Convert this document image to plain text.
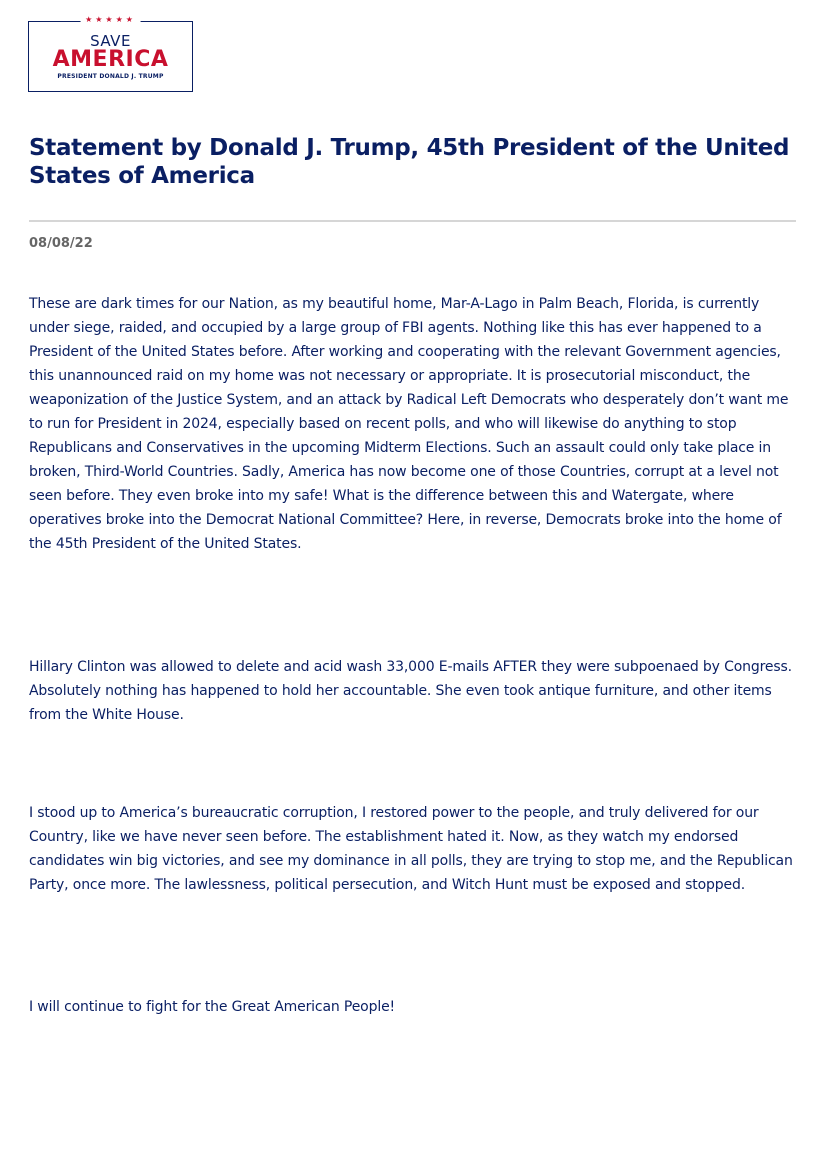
★★★★★
SAVE
AMERICA
PRESIDENT DONALD J. TRUMP
Statement by Donald J. Trump, 45th President of the United States of America
08/08/22

These are dark times for our Nation, as my beautiful home, Mar-A-Lago in Palm Beach, Florida, is currently under siege, raided, and occupied by a large group of FBI agents. Nothing like this has ever happened to a President of the United States before. After working and cooperating with the relevant Government agencies, this unannounced raid on my home was not necessary or appropriate. It is prosecutorial misconduct, the weaponization of the Justice System, and an attack by Radical Left Democrats who desperately don’t want me to run for President in 2024, especially based on recent polls, and who will likewise do anything to stop Republicans and Conservatives in the upcoming Midterm Elections. Such an assault could only take place in broken, Third-World Countries. Sadly, America has now become one of those Countries, corrupt at a level not seen before. They even broke into my safe! What is the difference between this and Watergate, where operatives broke into the Democrat National Committee? Here, in reverse, Democrats broke into the home of the 45th President of the United States.

Hillary Clinton was allowed to delete and acid wash 33,000 E-mails AFTER they were subpoenaed by Congress. Absolutely nothing has happened to hold her accountable. She even took antique furniture, and other items from the White House.

I stood up to America’s bureaucratic corruption, I restored power to the people, and truly delivered for our Country, like we have never seen before. The establishment hated it. Now, as they watch my endorsed candidates win big victories, and see my dominance in all polls, they are trying to stop me, and the Republican Party, once more. The lawlessness, political persecution, and Witch Hunt must be exposed and stopped.

I will continue to fight for the Great American People!
